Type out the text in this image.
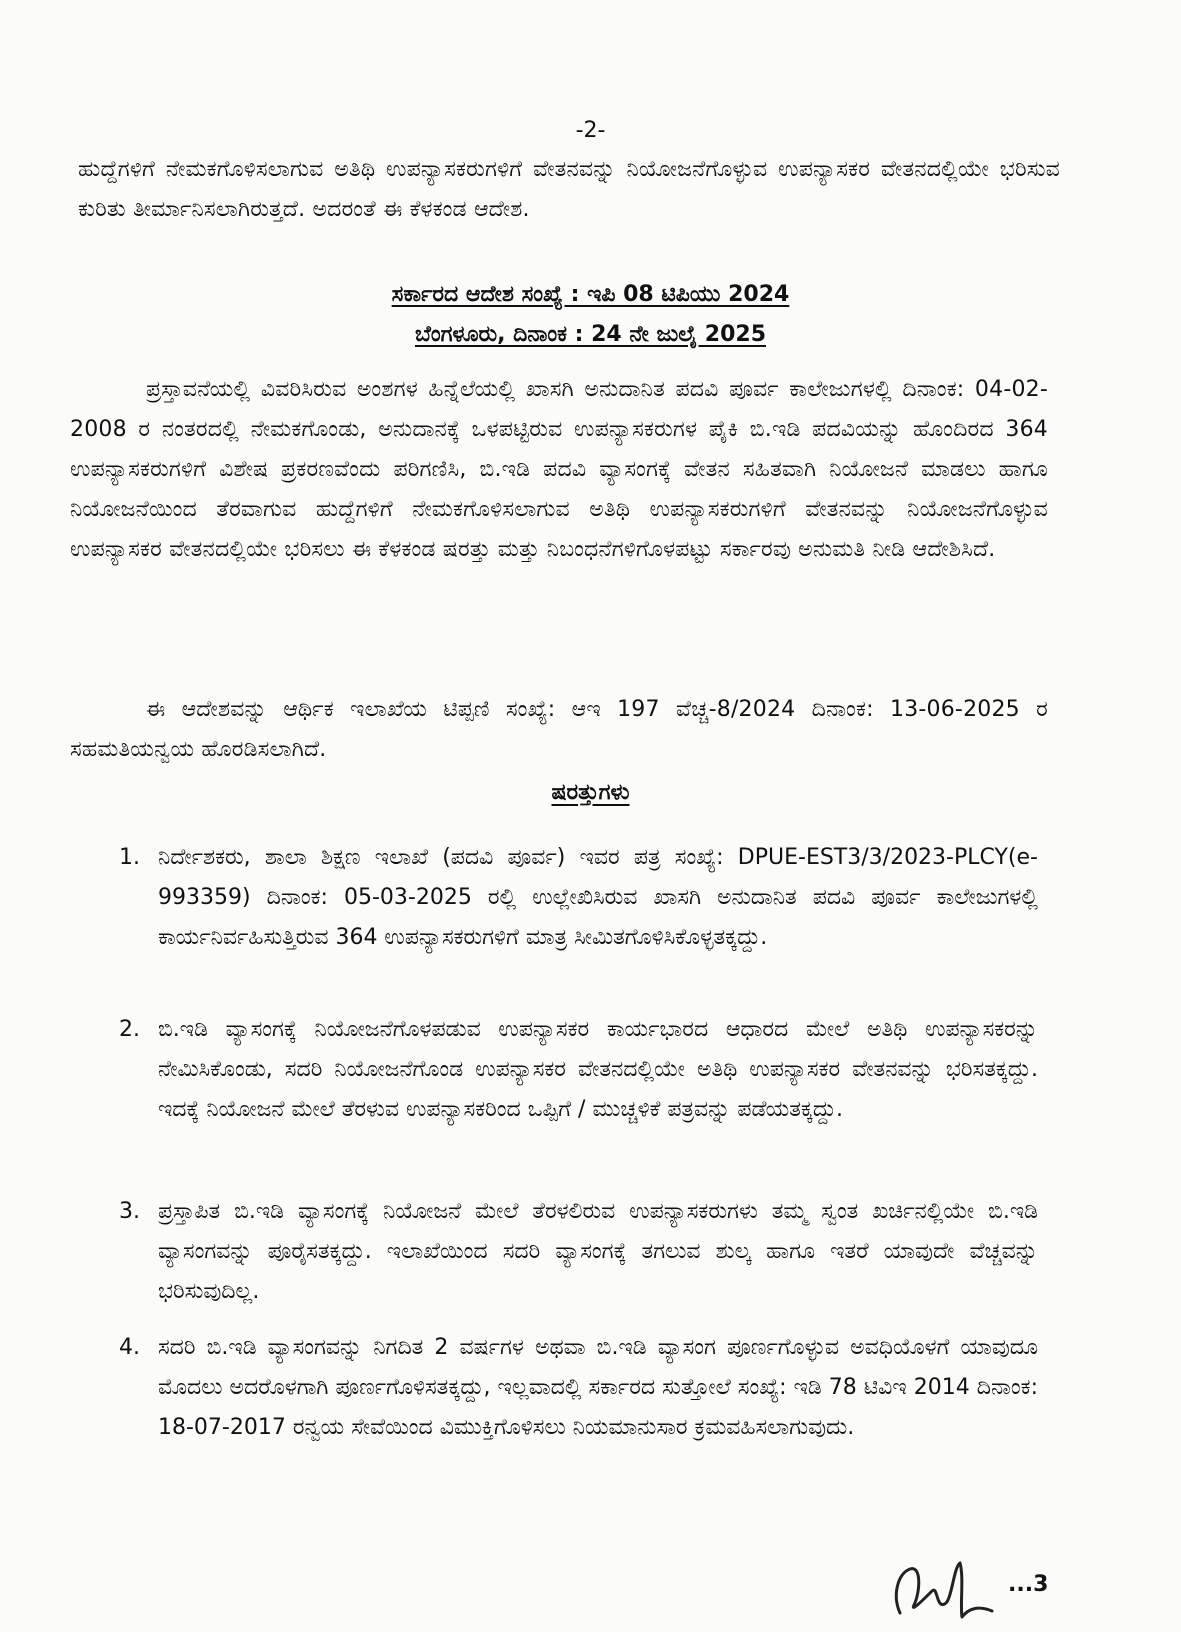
-2-
ಹುದ್ದೆಗಳಿಗೆ ನೇಮಕಗೊಳಿಸಲಾಗುವ ಅತಿಥಿ ಉಪನ್ಯಾಸಕರುಗಳಿಗೆ ವೇತನವನ್ನು ನಿಯೋಜನೆಗೊಳ್ಳುವ ಉಪನ್ಯಾಸಕರ ವೇತನದಲ್ಲಿಯೇ ಭರಿಸುವ ಕುರಿತು ತೀರ್ಮಾನಿಸಲಾಗಿರುತ್ತದೆ. ಅದರಂತೆ ಈ ಕೆಳಕಂಡ ಆದೇಶ.
ಸರ್ಕಾರದ ಆದೇಶ ಸಂಖ್ಯೆ : ಇಪಿ 08 ಟಿಪಿಯು 2024
ಬೆಂಗಳೂರು, ದಿನಾಂಕ : 24 ನೇ ಜುಲೈ 2025
ಪ್ರಸ್ತಾವನೆಯಲ್ಲಿ ವಿವರಿಸಿರುವ ಅಂಶಗಳ ಹಿನ್ನೆಲೆಯಲ್ಲಿ ಖಾಸಗಿ ಅನುದಾನಿತ ಪದವಿ ಪೂರ್ವ ಕಾಲೇಜುಗಳಲ್ಲಿ ದಿನಾಂಕ: 04-02-2008 ರ ನಂತರದಲ್ಲಿ ನೇಮಕಗೊಂಡು, ಅನುದಾನಕ್ಕೆ ಒಳಪಟ್ಟಿರುವ ಉಪನ್ಯಾಸಕರುಗಳ ಪೈಕಿ ಬಿ.ಇಡಿ ಪದವಿಯನ್ನು ಹೊಂದಿರದ 364 ಉಪನ್ಯಾಸಕರುಗಳಿಗೆ ವಿಶೇಷ ಪ್ರಕರಣವೆಂದು ಪರಿಗಣಿಸಿ, ಬಿ.ಇಡಿ ಪದವಿ ವ್ಯಾಸಂಗಕ್ಕೆ ವೇತನ ಸಹಿತವಾಗಿ ನಿಯೋಜನೆ ಮಾಡಲು ಹಾಗೂ ನಿಯೋಜನೆಯಿಂದ ತೆರವಾಗುವ ಹುದ್ದೆಗಳಿಗೆ ನೇಮಕಗೊಳಿಸಲಾಗುವ ಅತಿಥಿ ಉಪನ್ಯಾಸಕರುಗಳಿಗೆ ವೇತನವನ್ನು ನಿಯೋಜನೆಗೊಳ್ಳುವ ಉಪನ್ಯಾಸಕರ ವೇತನದಲ್ಲಿಯೇ ಭರಿಸಲು ಈ ಕೆಳಕಂಡ ಷರತ್ತು ಮತ್ತು ನಿಬಂಧನೆಗಳಿಗೊಳಪಟ್ಟು ಸರ್ಕಾರವು ಅನುಮತಿ ನೀಡಿ ಆದೇಶಿಸಿದೆ.
ಈ ಆದೇಶವನ್ನು ಆರ್ಥಿಕ ಇಲಾಖೆಯ ಟಿಪ್ಪಣಿ ಸಂಖ್ಯೆ: ಆಇ 197 ವೆಚ್ಚ-8/2024 ದಿನಾಂಕ: 13-06-2025 ರ ಸಹಮತಿಯನ್ವಯ ಹೊರಡಿಸಲಾಗಿದೆ.
ಷರತ್ತುಗಳು
1. ನಿರ್ದೇಶಕರು, ಶಾಲಾ ಶಿಕ್ಷಣ ಇಲಾಖೆ (ಪದವಿ ಪೂರ್ವ) ಇವರ ಪತ್ರ ಸಂಖ್ಯೆ: DPUE-EST3/3/2023-PLCY(e-993359) ದಿನಾಂಕ: 05-03-2025 ರಲ್ಲಿ ಉಲ್ಲೇಖಿಸಿರುವ ಖಾಸಗಿ ಅನುದಾನಿತ ಪದವಿ ಪೂರ್ವ ಕಾಲೇಜುಗಳಲ್ಲಿ ಕಾರ್ಯನಿರ್ವಹಿಸುತ್ತಿರುವ 364 ಉಪನ್ಯಾಸಕರುಗಳಿಗೆ ಮಾತ್ರ ಸೀಮಿತಗೊಳಿಸಿಕೊಳ್ಳತಕ್ಕದ್ದು.
2. ಬಿ.ಇಡಿ ವ್ಯಾಸಂಗಕ್ಕೆ ನಿಯೋಜನೆಗೊಳಪಡುವ ಉಪನ್ಯಾಸಕರ ಕಾರ್ಯಭಾರದ ಆಧಾರದ ಮೇಲೆ ಅತಿಥಿ ಉಪನ್ಯಾಸಕರನ್ನು ನೇಮಿಸಿಕೊಂಡು, ಸದರಿ ನಿಯೋಜನೆಗೊಂಡ ಉಪನ್ಯಾಸಕರ ವೇತನದಲ್ಲಿಯೇ ಅತಿಥಿ ಉಪನ್ಯಾಸಕರ ವೇತನವನ್ನು ಭರಿಸತಕ್ಕದ್ದು. ಇದಕ್ಕೆ ನಿಯೋಜನೆ ಮೇಲೆ ತೆರಳುವ ಉಪನ್ಯಾಸಕರಿಂದ ಒಪ್ಪಿಗೆ / ಮುಚ್ಚಳಿಕೆ ಪತ್ರವನ್ನು ಪಡೆಯತಕ್ಕದ್ದು.
3. ಪ್ರಸ್ತಾಪಿತ ಬಿ.ಇಡಿ ವ್ಯಾಸಂಗಕ್ಕೆ ನಿಯೋಜನೆ ಮೇಲೆ ತೆರಳಲಿರುವ ಉಪನ್ಯಾಸಕರುಗಳು ತಮ್ಮ ಸ್ವಂತ ಖರ್ಚಿನಲ್ಲಿಯೇ ಬಿ.ಇಡಿ ವ್ಯಾಸಂಗವನ್ನು ಪೂರೈಸತಕ್ಕದ್ದು. ಇಲಾಖೆಯಿಂದ ಸದರಿ ವ್ಯಾಸಂಗಕ್ಕೆ ತಗಲುವ ಶುಲ್ಕ ಹಾಗೂ ಇತರೆ ಯಾವುದೇ ವೆಚ್ಚವನ್ನು ಭರಿಸುವುದಿಲ್ಲ.
4. ಸದರಿ ಬಿ.ಇಡಿ ವ್ಯಾಸಂಗವನ್ನು ನಿಗದಿತ 2 ವರ್ಷಗಳ ಅಥವಾ ಬಿ.ಇಡಿ ವ್ಯಾಸಂಗ ಪೂರ್ಣಗೊಳ್ಳುವ ಅವಧಿಯೊಳಗೆ ಯಾವುದೂ ಮೊದಲು ಅದರೊಳಗಾಗಿ ಪೂರ್ಣಗೊಳಿಸತಕ್ಕದ್ದು, ಇಲ್ಲವಾದಲ್ಲಿ ಸರ್ಕಾರದ ಸುತ್ತೋಲೆ ಸಂಖ್ಯೆ: ಇಡಿ 78 ಟಿವಿಇ 2014 ದಿನಾಂಕ: 18-07-2017 ರನ್ವಯ ಸೇವೆಯಿಂದ ವಿಮುಕ್ತಿಗೊಳಿಸಲು ನಿಯಮಾನುಸಾರ ಕ್ರಮವಹಿಸಲಾಗುವುದು.
...3
